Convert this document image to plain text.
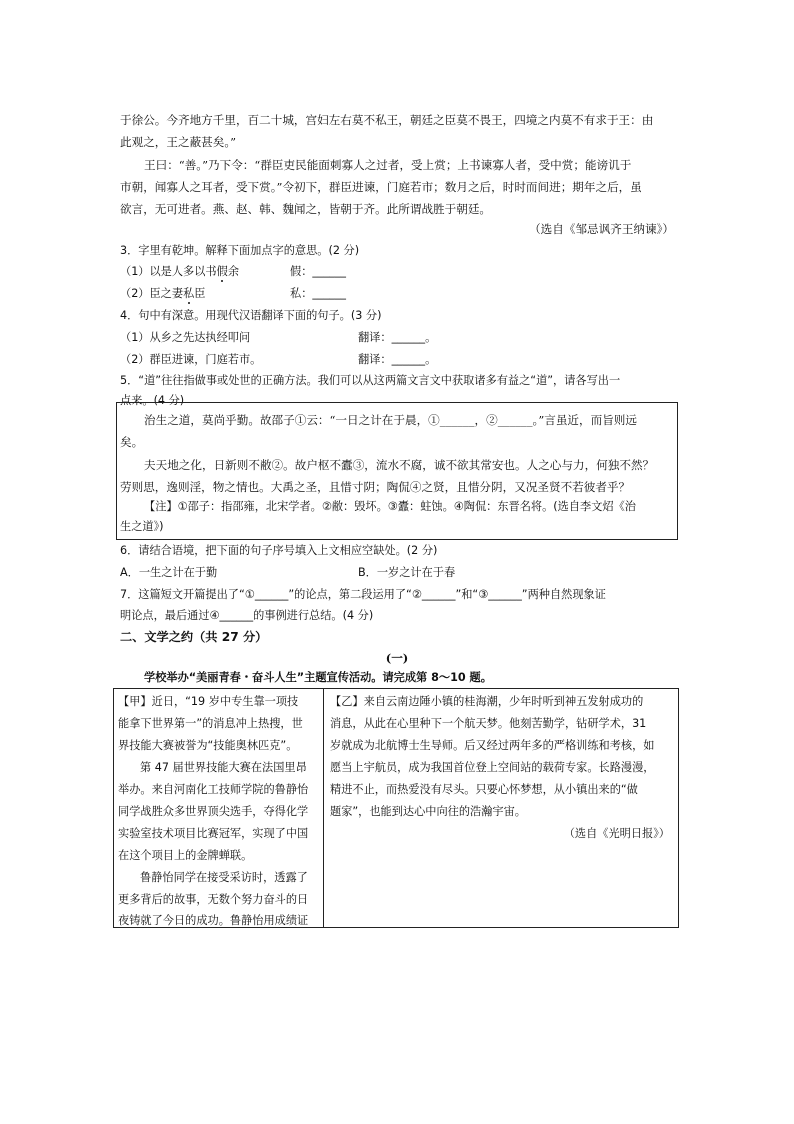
于徐公。今齐地方千里，百二十城，宫妇左右莫不私王，朝廷之臣莫不畏王，四境之内莫不有求于王：由
此观之，王之蔽甚矣。”
王曰：“善。”乃下令：“群臣吏民能面刺寡人之过者，受上赏；上书谏寡人者，受中赏；能谤讥于
市朝，闻寡人之耳者，受下赏。”令初下，群臣进谏，门庭若市；数月之后，时时而间进；期年之后，虽
欲言，无可进者。燕、赵、韩、魏闻之，皆朝于齐。此所谓战胜于朝廷。
（选自《邹忌讽齐王纳谏》）
3．字里有乾坤。解释下面加点字的意思。(2 分)
（1）以是人多以书假余	假：______
（2）臣之妻私臣	私：______
4．句中有深意。用现代汉语翻译下面的句子。(3 分)
（1）从乡之先达执经叩问	翻译：______。
（2）群臣进谏，门庭若市。	翻译：______。
5．“道”往往指做事或处世的正确方法。我们可以从这两篇文言文中获取诸多有益之“道”，请各写出一
点来。(4 分)
治生之道，莫尚乎勤。故邵子①云：“一日之计在于晨，①______，②______。”言虽近，而旨则远
矣。
夫天地之化，日新则不敝②。故户枢不蠹③，流水不腐，诚不欲其常安也。人之心与力，何独不然？
劳则思，逸则淫，物之情也。大禹之圣，且惜寸阴；陶侃④之贤，且惜分阴，又况圣贤不若彼者乎？
【注】①邵子：指邵雍，北宋学者。②敝：毁坏。③蠹：蛀蚀。④陶侃：东晋名将。(选自李文炤《治
生之道》)
6．请结合语境，把下面的句子序号填入上文相应空缺处。(2 分)
A．一生之计在于勤	B．一岁之计在于春
7．这篇短文开篇提出了“①______”的论点，第二段运用了“②______”和“③______”两种自然现象证
明论点，最后通过④______的事例进行总结。(4 分)
二、文学之约（共 27 分）
(一)
学校举办“美丽青春・奋斗人生”主题宣传活动。请完成第 8～10 题。
【甲】近日，“19 岁中专生靠一项技
能拿下世界第一”的消息冲上热搜，世
界技能大赛被誉为“技能奥林匹克”。
第 47 届世界技能大赛在法国里昂
举办。来自河南化工技师学院的鲁静怡
同学战胜众多世界顶尖选手，夺得化学
实验室技术项目比赛冠军，实现了中国
在这个项目上的金牌蝉联。
鲁静怡同学在接受采访时，透露了
更多背后的故事，无数个努力奋斗的日
夜铸就了今日的成功。鲁静怡用成绩证
【乙】来自云南边陲小镇的桂海潮，少年时听到神五发射成功的
消息，从此在心里种下一个航天梦。他刻苦勤学，钻研学术，31
岁就成为北航博士生导师。后又经过两年多的严格训练和考核，如
愿当上宇航员，成为我国首位登上空间站的载荷专家。长路漫漫，
精进不止，而热爱没有尽头。只要心怀梦想，从小镇出来的“做
题家”，也能到达心中向往的浩瀚宇宙。
（选自《光明日报》）
